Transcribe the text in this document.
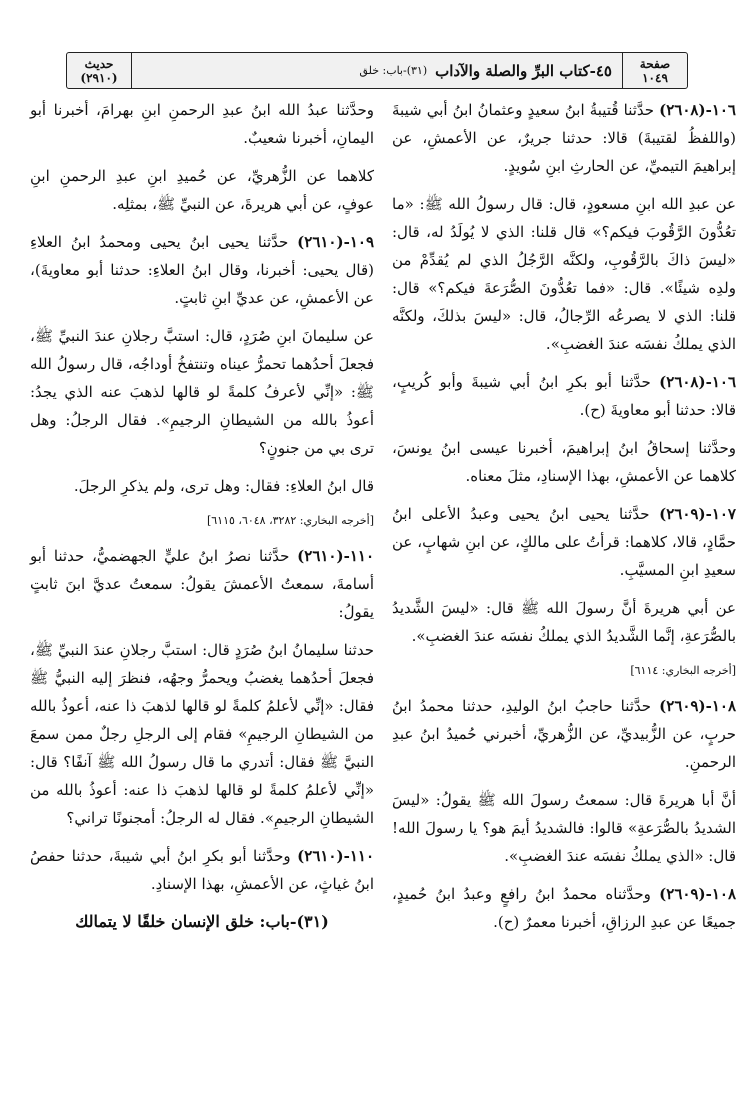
صفحة
١٠٤٩
٤٥-كتاب البرِّ والصلة والآداب
(٣١)-باب: خلق
حديث
(٢٩١٠)

١٠٦-(٢٦٠٨) حدَّثنا قُتيبةُ ابنُ سعيدٍ وعثمانُ ابنُ أبي شيبةَ (واللفظُ لقتيبةَ) قالا: حدثنا جريرٌ، عن الأعمشِ، عن إبراهيمَ التيميِّ، عن الحارثِ ابنِ سُويدٍ.

عن عبدِ الله ابنِ مسعودٍ، قال: قال رسولُ الله ﷺ: «ما تعُدُّونَ الرَّقُوبَ فيكم؟» قال قلنا: الذي لا يُولَدُ له، قال: «ليسَ ذاكَ بالرَّقُوبِ، ولكنَّه الرَّجُلُ الذي لم يُقدِّمْ من ولدِه شيئًا». قال: «فما تعُدُّونَ الصُّرَعةَ فيكم؟» قال: قلنا: الذي لا يصرعُه الرِّجالُ، قال: «ليسَ بذلكَ، ولكنَّه الذي يملكُ نفسَه عندَ الغضبِ».

١٠٦-(٢٦٠٨) حدَّثنا أبو بكرِ ابنُ أبي شيبةَ وأبو كُريبٍ، قالا: حدثنا أبو معاويةَ (ح).

وحدَّثنا إسحاقُ ابنُ إبراهيمَ، أخبرنا عيسى ابنُ يونسَ، كلاهما عن الأعمشِ، بهذا الإسنادِ، مثلَ معناه.

١٠٧-(٢٦٠٩) حدَّثنا يحيى ابنُ يحيى وعبدُ الأعلى ابنُ حمَّادٍ، قالا، كلاهما: قرأتُ على مالكٍ، عن ابنِ شهابٍ، عن سعيدِ ابنِ المسيَّبِ.

عن أبي هريرةَ أنَّ رسولَ الله ﷺ قال: «ليسَ الشَّديدُ بالصُّرَعةِ، إنَّما الشَّديدُ الذي يملكُ نفسَه عندَ الغضبِ».

[أخرجه البخاري: ٦١١٤]

١٠٨-(٢٦٠٩) حدَّثنا حاجبُ ابنُ الوليدِ، حدثنا محمدُ ابنُ حربٍ، عن الزُّبيديِّ، عن الزُّهريِّ، أخبرني حُميدُ ابنُ عبدِ الرحمنِ.

أنَّ أبا هريرةَ قال: سمعتُ رسولَ الله ﷺ يقولُ: «ليسَ الشديدُ بالصُّرَعةِ» قالوا: فالشديدُ أيمَ هو؟ يا رسولَ الله! قال: «الذي يملكُ نفسَه عندَ الغضبِ».

١٠٨-(٢٦٠٩) وحدَّثناه محمدُ ابنُ رافعٍ وعبدُ ابنُ حُميدٍ، جميعًا عن عبدِ الرزاقِ، أخبرنا معمرٌ (ح).

وحدَّثنا عبدُ الله ابنُ عبدِ الرحمنِ ابنِ بهرامَ، أخبرنا أبو اليمانِ، أخبرنا شعيبٌ.

كلاهما عن الزُّهريِّ، عن حُميدِ ابنِ عبدِ الرحمنِ ابنِ عوفٍ، عن أبي هريرةَ، عن النبيِّ ﷺ، بمثلِه.

١٠٩-(٢٦١٠) حدَّثنا يحيى ابنُ يحيى ومحمدُ ابنُ العلاءِ (قال يحيى: أخبرنا، وقال ابنُ العلاءِ: حدثنا أبو معاويةَ)، عن الأعمشِ، عن عديِّ ابنِ ثابتٍ.

عن سليمانَ ابنِ صُرَدٍ، قال: استبَّ رجلانِ عندَ النبيِّ ﷺ، فجعلَ أحدُهما تحمرُّ عيناه وتنتفخُ أوداجُه، قال رسولُ الله ﷺ: «إنِّي لأعرفُ كلمةً لو قالها لذهبَ عنه الذي يجدُ: أعوذُ بالله من الشيطانِ الرجيمِ». فقال الرجلُ: وهل ترى بي من جنونٍ؟

قال ابنُ العلاءِ: فقال: وهل ترى، ولم يذكرِ الرجلَ.

[أخرجه البخاري: ٣٢٨٢، ٦٠٤٨، ٦١١٥]

١١٠-(٢٦١٠) حدَّثنا نصرُ ابنُ عليٍّ الجهضميُّ، حدثنا أبو أسامةَ، سمعتُ الأعمشَ يقولُ: سمعتُ عديَّ ابنَ ثابتٍ يقولُ:

حدثنا سليمانُ ابنُ صُرَدٍ قال: استبَّ رجلانِ عندَ النبيِّ ﷺ، فجعلَ أحدُهما يغضبُ ويحمرُّ وجهُه، فنظرَ إليه النبيُّ ﷺ فقال: «إنِّي لأعلمُ كلمةً لو قالها لذهبَ ذا عنه، أعوذُ بالله من الشيطانِ الرجيمِ» فقام إلى الرجلِ رجلٌ ممن سمعَ النبيَّ ﷺ فقال: أتدري ما قال رسولُ الله ﷺ آنفًا؟ قال: «إنِّي لأعلمُ كلمةً لو قالها لذهبَ ذا عنه: أعوذُ بالله من الشيطانِ الرجيمِ». فقال له الرجلُ: أمجنونًا تراني؟

١١٠-(٢٦١٠) وحدَّثنا أبو بكرِ ابنُ أبي شيبةَ، حدثنا حفصُ ابنُ غياثٍ، عن الأعمشِ، بهذا الإسنادِ.

(٣١)-باب: خلق الإنسان خلقًا لا يتمالك
